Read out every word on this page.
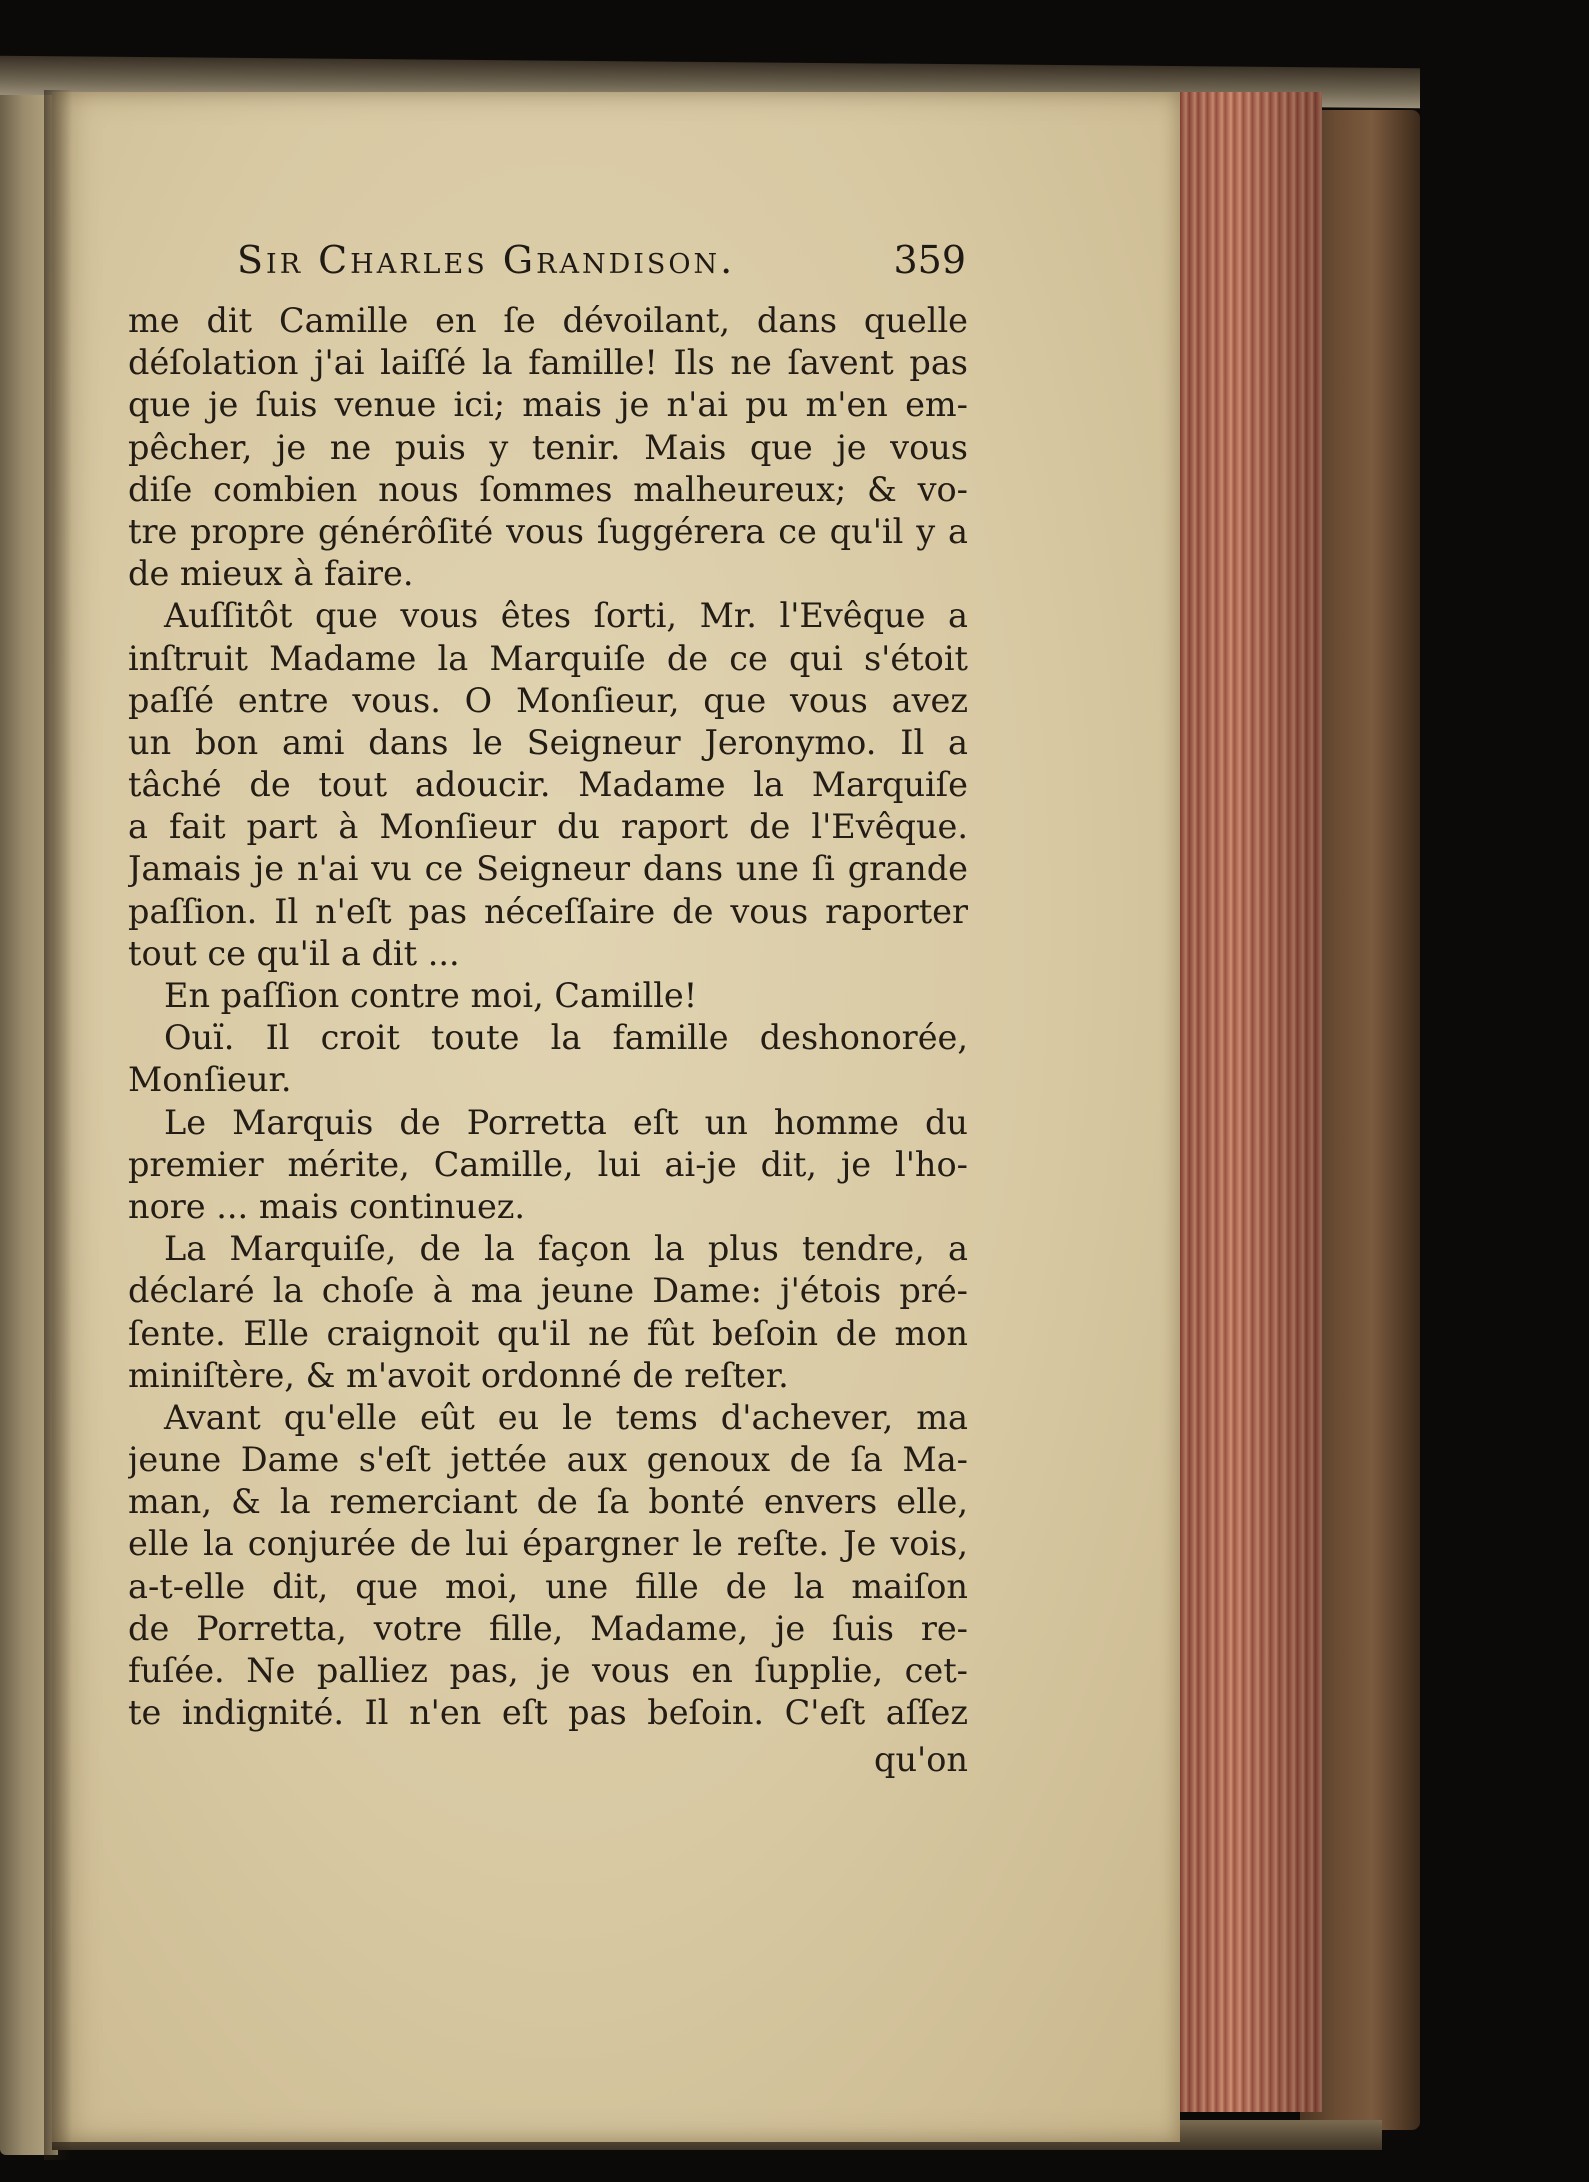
Sir Charles Grandison.	359
me dit Camille en ſe dévoilant, dans quelle
déſolation j'ai laiſſé la famille! Ils ne ſavent pas
que je ſuis venue ici; mais je n'ai pu m'en em-
pêcher, je ne puis y tenir. Mais que je vous
diſe combien nous ſommes malheureux; & vo-
tre propre générôſité vous ſuggérera ce qu'il y a
de mieux à faire.
Auſſitôt que vous êtes ſorti, Mr. l'Evêque a
inſtruit Madame la Marquiſe de ce qui s'étoit
paſſé entre vous. O Monſieur, que vous avez
un bon ami dans le Seigneur Jeronymo. Il a
tâché de tout adoucir. Madame la Marquiſe
a fait part à Monſieur du raport de l'Evêque.
Jamais je n'ai vu ce Seigneur dans une ſi grande
paſſion. Il n'eſt pas néceſſaire de vous raporter
tout ce qu'il a dit ...
En paſſion contre moi, Camille!
Ouï. Il croit toute la famille deshonorée,
Monſieur.
Le Marquis de Porretta eſt un homme du
premier mérite, Camille, lui ai-je dit, je l'ho-
nore ... mais continuez.
La Marquiſe, de la façon la plus tendre, a
déclaré la choſe à ma jeune Dame: j'étois pré-
ſente. Elle craignoit qu'il ne fût beſoin de mon
miniſtère, & m'avoit ordonné de reſter.
Avant qu'elle eût eu le tems d'achever, ma
jeune Dame s'eſt jettée aux genoux de ſa Ma-
man, & la remerciant de ſa bonté envers elle,
elle la conjurée de lui épargner le reſte. Je vois,
a-t-elle dit, que moi, une fille de la maiſon
de Porretta, votre fille, Madame, je ſuis re-
fuſée. Ne palliez pas, je vous en ſupplie, cet-
te indignité. Il n'en eſt pas beſoin. C'eſt aſſez
qu'on
